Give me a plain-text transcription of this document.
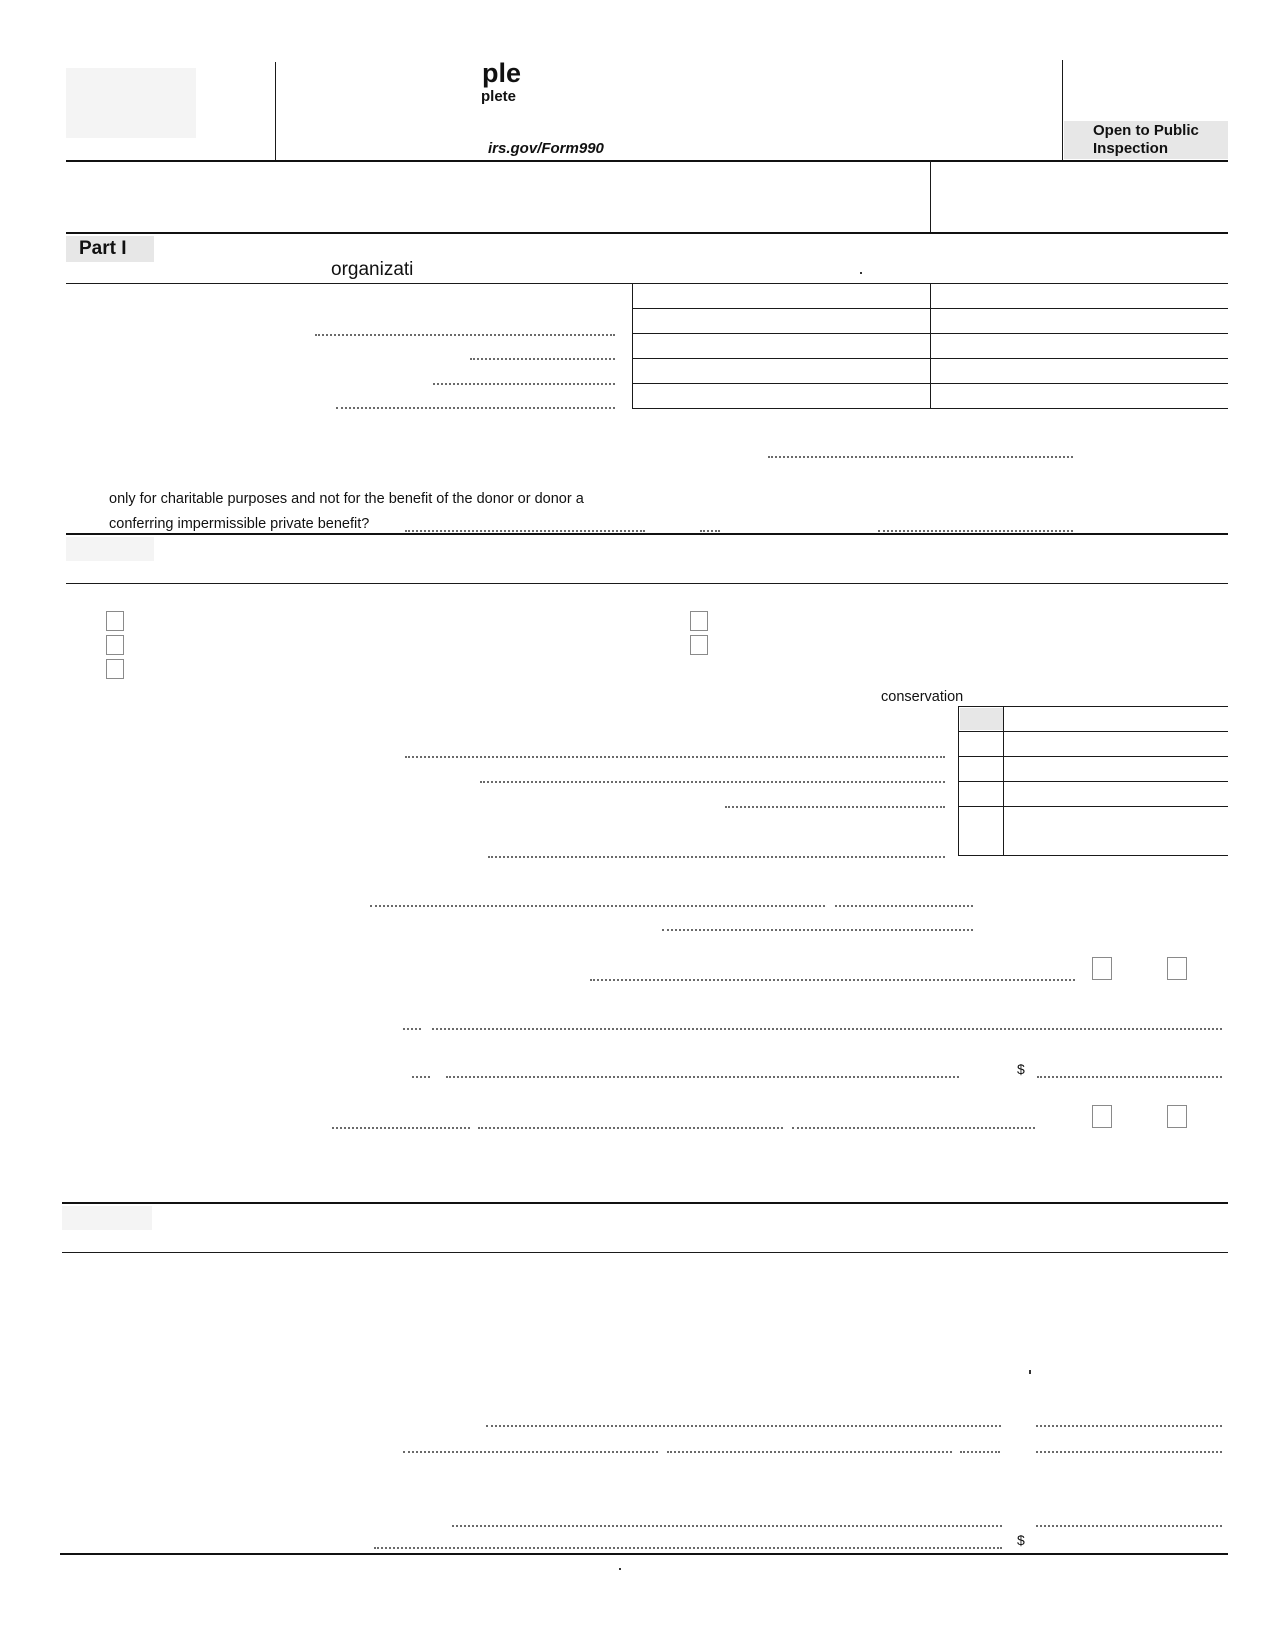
ple
plete
irs.gov/Form990
Open to Public Inspection
Part I
organizati
only for charitable purposes and not for the benefit of the donor or donor a
conferring impermissible private benefit?
conservation
$
$
